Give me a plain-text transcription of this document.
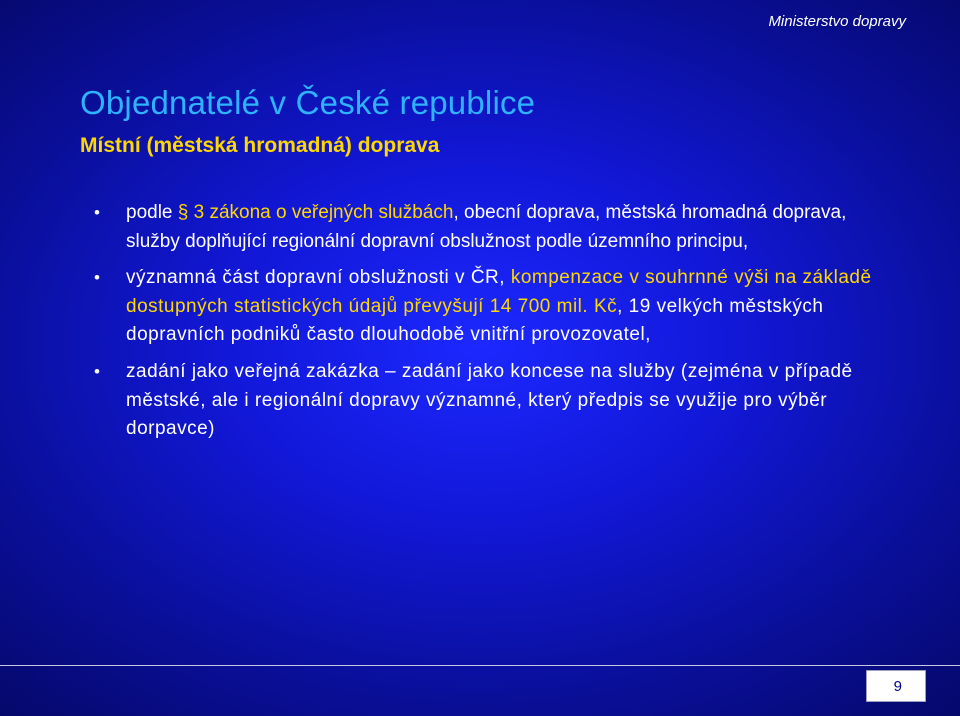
Ministerstvo dopravy
Objednatelé v České republice
Místní (městská hromadná) doprava
•	podle § 3 zákona o veřejných službách, obecní doprava, městská hromadná doprava, služby doplňující regionální dopravní obslužnost podle územního principu,
• významná část dopravní obslužnosti v ČR, kompenzace v souhrnné výši na základě dostupných statistických údajů převyšují 14 700 mil. Kč, 19 velkých městských dopravních podniků často dlouhodobě vnitřní provozovatel,
• zadání jako veřejná zakázka – zadání jako koncese na služby (zejména v případě městské, ale i regionální dopravy významné, který předpis se využije pro výběr dorpavce)
9
